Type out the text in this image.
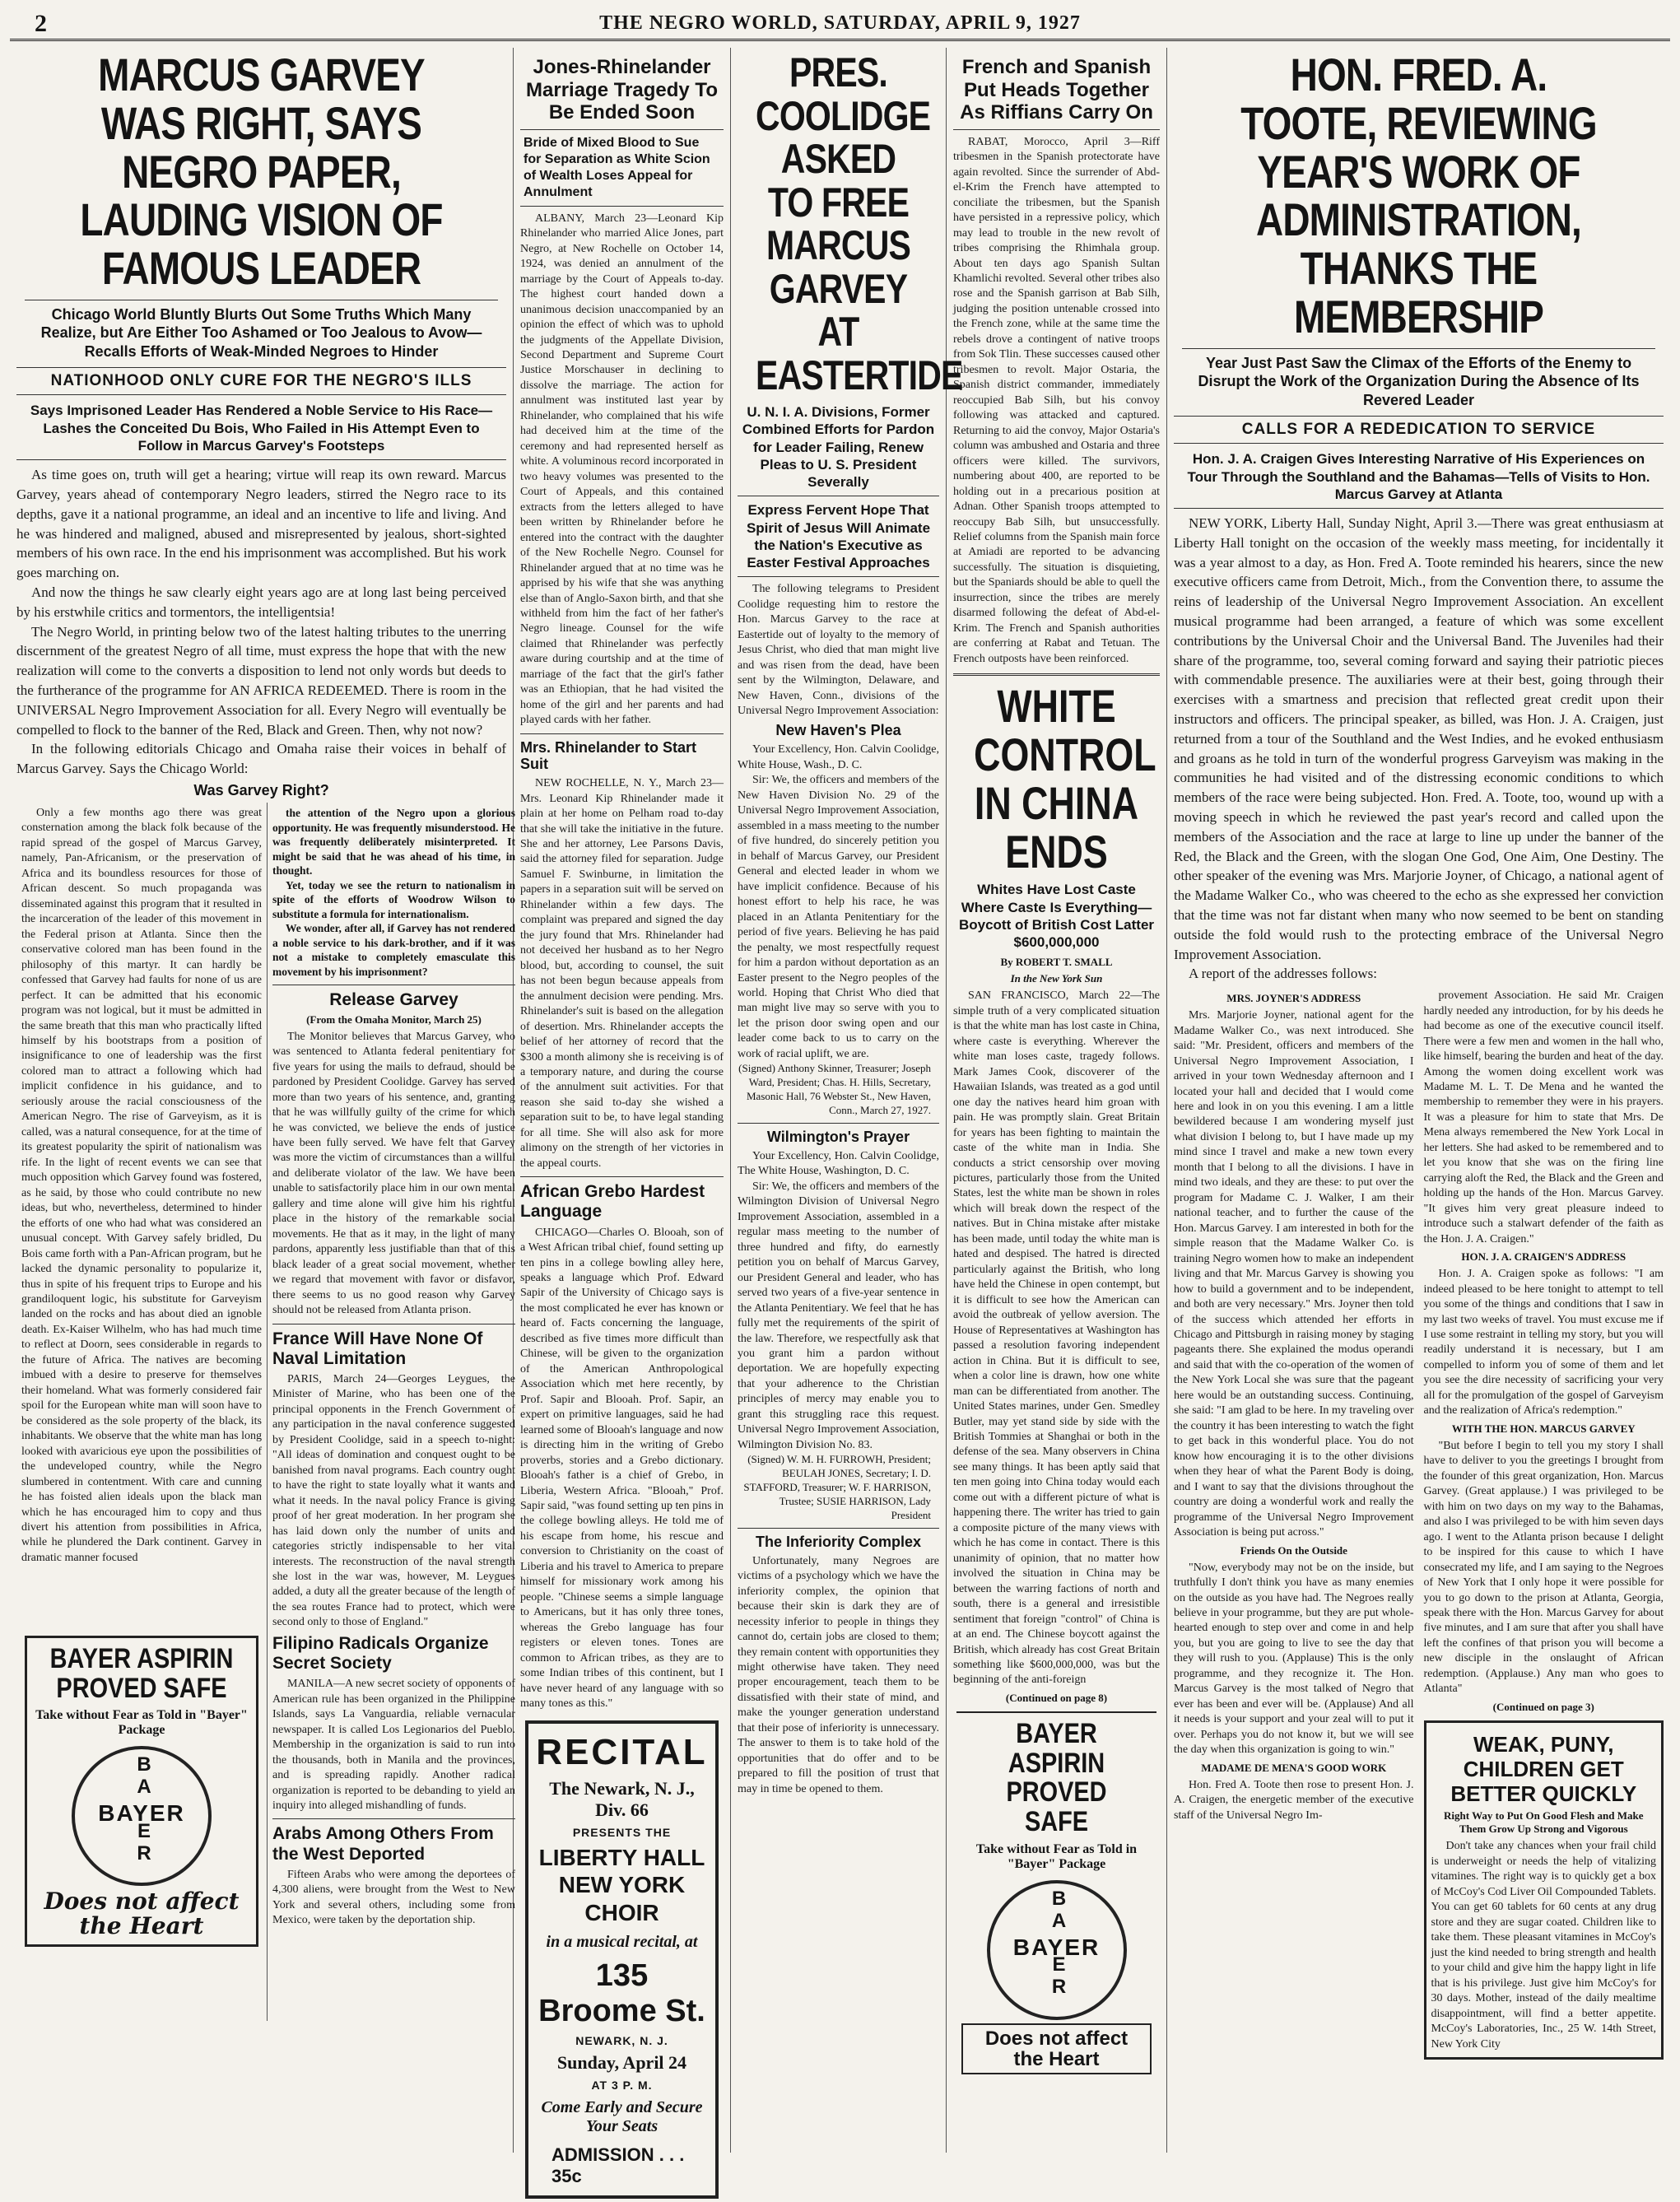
2	THE NEGRO WORLD, SATURDAY, APRIL 9, 1927
MARCUS GARVEY WAS RIGHT, SAYS NEGRO PAPER, LAUDING VISION OF FAMOUS LEADER
Chicago World Bluntly Blurts Out Some Truths Which Many Realize, but Are Either Too Ashamed or Too Jealous to Avow—Recalls Efforts of Weak-Minded Negroes to Hinder
NATIONHOOD ONLY CURE FOR THE NEGRO'S ILLS
Says Imprisoned Leader Has Rendered a Noble Service to His Race—Lashes the Conceited Du Bois, Who Failed in His Attempt Even to Follow in Marcus Garvey's Footsteps

As time goes on, truth will get a hearing; virtue will reap its own reward. Marcus Garvey, years ahead of contemporary Negro leaders, stirred the Negro race to its depths, gave it a national programme, an ideal and an incentive to life and living. And he was hindered and maligned, abused and misrepresented by jealous, short-sighted members of his own race. In the end his imprisonment was accomplished. But his work goes marching on.

And now the things he saw clearly eight years ago are at long last being perceived by his erstwhile critics and tormentors, the intelligentsia!

The Negro World, in printing below two of the latest halting tributes to the unerring discernment of the greatest Negro of all time, must express the hope that with the new realization will come to the converts a disposition to lend not only words but deeds to the furtherance of the programme for AN AFRICA REDEEMED. There is room in the UNIVERSAL Negro Improvement Association for all. Every Negro will eventually be compelled to flock to the banner of the Red, Black and Green. Then, why not now?

In the following editorials Chicago and Omaha raise their voices in behalf of Marcus Garvey. Says the Chicago World:

Was Garvey Right?

Only a few months ago there was great consternation among the black folk because of the rapid spread of the gospel of Marcus Garvey, namely, Pan-Africanism, or the preservation of Africa and its boundless resources for those of African descent. So much propaganda was disseminated against this program that it resulted in the incarceration of the leader of this movement in the Federal prison at Atlanta. Since then the conservative colored man has been found in the philosophy of this martyr. It can hardly be confessed that Garvey had faults for none of us are perfect. It can be admitted that his economic program was not logical, but it must be admitted in the same breath that this man who practically lifted himself by his bootstraps from a position of insignificance to one of leadership was the first colored man to attract a following which had implicit confidence in his guidance, and to seriously arouse the racial consciousness of the American Negro. The rise of Garveyism, as it is called, was a natural consequence, for at the time of its greatest popularity the spirit of nationalism was rife. In the light of recent events we can see that much opposition which Garvey found was fostered, as he said, by those who could contribute no new ideas, but who, nevertheless, determined to hinder the efforts of one who had what was considered an unusual concept. With Garvey safely bridled, Du Bois came forth with a Pan-African program, but he lacked the dynamic personality to popularize it, thus in spite of his frequent trips to Europe and his grandiloquent logic, his substitute for Garveyism landed on the rocks and has about died an ignoble death. Ex-Kaiser Wilhelm, who has had much time to reflect at Doorn, sees considerable in regards to the future of Africa. The natives are becoming imbued with a desire to preserve for themselves their homeland. What was formerly considered fair spoil for the European white man will soon have to be considered as the sole property of the black, its inhabitants. We observe that the white man has long looked with avaricious eye upon the possibilities of the undeveloped country, while the Negro slumbered in contentment. With care and cunning he has foisted alien ideals upon the black man which he has encouraged him to copy and thus divert his attention from possibilities in Africa, while he plundered the Dark continent. Garvey in dramatic manner focused

the attention of the Negro upon a glorious opportunity. He was frequently misunderstood. He was frequently deliberately misinterpreted. It might be said that he was ahead of his time, in thought.

Yet, today we see the return to nationalism in spite of the efforts of Woodrow Wilson to substitute a formula for internationalism.

We wonder, after all, if Garvey has not rendered a noble service to his dark-brother, and if it was not a mistake to completely emasculate this movement by his imprisonment?

Release Garvey
(From the Omaha Monitor, March 25)

The Monitor believes that Marcus Garvey, who was sentenced to Atlanta federal penitentiary for five years for using the mails to defraud, should be pardoned by President Coolidge. Garvey has served more than two years of his sentence, and, granting that he was willfully guilty of the crime for which he was convicted, we believe the ends of justice have been fully served. We have felt that Garvey was more the victim of circumstances than a willful and deliberate violator of the law. We have been unable to satisfactorily place him in our own mental gallery and time alone will give him his rightful place in the history of the remarkable social movements. He that as it may, in the light of many pardons, apparently less justifiable than that of this black leader of a great social movement, whether we regard that movement with favor or disfavor, there seems to us no good reason why Garvey should not be released from Atlanta prison.

France Will Have None Of Naval Limitation

PARIS, March 24—Georges Leygues, the Minister of Marine, who has been one of the principal opponents in the French Government of any participation in the naval conference suggested by President Coolidge, said in a speech to-night: "All ideas of domination and conquest ought to be banished from naval programs. Each country ought to have the right to state loyally what it wants and what it needs. In the naval policy France is giving proof of her great moderation. In her program she has laid down only the number of units and categories strictly indispensable to her vital interests. The reconstruction of the naval strength she lost in the war was, however, M. Leygues added, a duty all the greater because of the length of the sea routes France had to protect, which were second only to those of England."

BAYER ASPIRIN PROVED SAFE
Take without Fear as Told in "Bayer" Package
BAYER
B
A

E
R

Does not affect the Heart
Filipino Radicals Organize Secret Society

MANILA—A new secret society of opponents of American rule has been organized in the Philippine Islands, says La Vanguardia, reliable vernacular newspaper. It is called Los Legionarios del Pueblo. Membership in the organization is said to run into the thousands, both in Manila and the provinces, and is spreading rapidly. Another radical organization is reported to be debanding to yield an inquiry into alleged mishandling of funds.

Arabs Among Others From the West Deported

Fifteen Arabs who were among the deportees of 4,300 aliens, were brought from the West to New York and several others, including some from Mexico, were taken by the deportation ship.

Jones-Rhinelander Marriage Tragedy To Be Ended Soon
Bride of Mixed Blood to Sue for Separation as White Scion of Wealth Loses Appeal for Annulment

ALBANY, March 23—Leonard Kip Rhinelander who married Alice Jones, part Negro, at New Rochelle on October 14, 1924, was denied an annulment of the marriage by the Court of Appeals to-day. The highest court handed down a unanimous decision unaccompanied by an opinion the effect of which was to uphold the judgments of the Appellate Division, Second Department and Supreme Court Justice Morschauser in declining to dissolve the marriage. The action for annulment was instituted last year by Rhinelander, who complained that his wife had deceived him at the time of the ceremony and had represented herself as white. A voluminous record incorporated in two heavy volumes was presented to the Court of Appeals, and this contained extracts from the letters alleged to have been written by Rhinelander before he entered into the contract with the daughter of the New Rochelle Negro. Counsel for Rhinelander argued that at no time was he apprised by his wife that she was anything else than of Anglo-Saxon birth, and that she withheld from him the fact of her father's Negro lineage. Counsel for the wife claimed that Rhinelander was perfectly aware during courtship and at the time of marriage of the fact that the girl's father was an Ethiopian, that he had visited the home of the girl and her parents and had played cards with her father.

Mrs. Rhinelander to Start Suit

NEW ROCHELLE, N. Y., March 23—Mrs. Leonard Kip Rhinelander made it plain at her home on Pelham road to-day that she will take the initiative in the future. She and her attorney, Lee Parsons Davis, said the attorney filed for separation. Judge Samuel F. Swinburne, in limitation the papers in a separation suit will be served on Rhinelander within a few days. The complaint was prepared and signed the day the jury found that Mrs. Rhinelander had not deceived her husband as to her Negro blood, but, according to counsel, the suit has not been begun because appeals from the annulment decision were pending. Mrs. Rhinelander's suit is based on the allegation of desertion. Mrs. Rhinelander accepts the belief of her attorney of record that the $300 a month alimony she is receiving is of a temporary nature, and during the course of the annulment suit activities. For that reason she said to-day she wished a separation suit to be, to have legal standing for all time. She will also ask for more alimony on the strength of her victories in the appeal courts.

African Grebo Hardest Language

CHICAGO—Charles O. Blooah, son of a West African tribal chief, found setting up ten pins in a college bowling alley here, speaks a language which Prof. Edward Sapir of the University of Chicago says is the most complicated he ever has known or heard of. Facts concerning the language, described as five times more difficult than Chinese, will be given to the organization of the American Anthropological Association which met here recently, by Prof. Sapir and Blooah. Prof. Sapir, an expert on primitive languages, said he had learned some of Blooah's language and now is directing him in the writing of Grebo proverbs, stories and a Grebo dictionary. Blooah's father is a chief of Grebo, in Liberia, Western Africa. "Blooah," Prof. Sapir said, "was found setting up ten pins in the college bowling alleys. He told me of his escape from home, his rescue and conversion to Christianity on the coast of Liberia and his travel to America to prepare himself for missionary work among his people. "Chinese seems a simple language to Americans, but it has only three tones, whereas the Grebo language has four registers or eleven tones. Tones are common to African tribes, as they are to some Indian tribes of this continent, but I have never heard of any language with so many tones as this."

RECITAL
The Newark, N. J., Div. 66
PRESENTS THE
LIBERTY HALL NEW YORK CHOIR
in a musical recital, at
135 Broome St.
NEWARK, N. J.
Sunday, April 24
AT 3 P. M.
Come Early and Secure Your Seats
ADMISSION . . . 35c
PRES. COOLIDGE ASKED TO FREE MARCUS GARVEY AT EASTERTIDE
U. N. I. A. Divisions, Former Combined Efforts for Pardon for Leader Failing, Renew Pleas to U. S. President Severally
Express Fervent Hope That Spirit of Jesus Will Animate the Nation's Executive as Easter Festival Approaches

The following telegrams to President Coolidge requesting him to restore the Hon. Marcus Garvey to the race at Eastertide out of loyalty to the memory of Jesus Christ, who died that man might live and was risen from the dead, have been sent by the Wilmington, Delaware, and New Haven, Conn., divisions of the Universal Negro Improvement Association:

New Haven's Plea

Your Excellency, Hon. Calvin Coolidge, White House, Wash., D. C.

Sir: We, the officers and members of the New Haven Division No. 29 of the Universal Negro Improvement Association, assembled in a mass meeting to the number of five hundred, do sincerely petition you in behalf of Marcus Garvey, our President General and elected leader in whom we have implicit confidence. Because of his honest effort to help his race, he was placed in an Atlanta Penitentiary for the period of five years. Believing he has paid the penalty, we most respectfully request for him a pardon without deportation as an Easter present to the Negro peoples of the world. Hoping that Christ Who died that man might live may so serve with you to let the prison door swing open and our leader come back to us to carry on the work of racial uplift, we are.

(Signed) Anthony Skinner, Treasurer; Joseph Ward, President; Chas. H. Hills, Secretary, Masonic Hall, 76 Webster St., New Haven, Conn., March 27, 1927.

Wilmington's Prayer

Your Excellency, Hon. Calvin Coolidge, The White House, Washington, D. C.

Sir: We, the officers and members of the Wilmington Division of Universal Negro Improvement Association, assembled in a regular mass meeting to the number of three hundred and fifty, do earnestly petition you on behalf of Marcus Garvey, our President General and leader, who has served two years of a five-year sentence in the Atlanta Penitentiary. We feel that he has fully met the requirements of the spirit of the law. Therefore, we respectfully ask that you grant him a pardon without deportation. We are hopefully expecting that your adherence to the Christian principles of mercy may enable you to grant this struggling race this request. Universal Negro Improvement Association, Wilmington Division No. 83.

(Signed) W. M. H. FURROWH, President; BEULAH JONES, Secretary; I. D. STAFFORD, Treasurer; W. F. HARRISON, Trustee; SUSIE HARRISON, Lady President

The Inferiority Complex

Unfortunately, many Negroes are victims of a psychology which we have the inferiority complex, the opinion that because their skin is dark they are of necessity inferior to people in things they cannot do, certain jobs are closed to them; they remain content with opportunities they might otherwise have taken. They need proper encouragement, teach them to be dissatisfied with their state of mind, and make the younger generation understand that their pose of inferiority is unnecessary. The answer to them is to take hold of the opportunities that do offer and to be prepared to fill the position of trust that may in time be opened to them.

French and Spanish Put Heads Together As Riffians Carry On

RABAT, Morocco, April 3—Riff tribesmen in the Spanish protectorate have again revolted. Since the surrender of Abd-el-Krim the French have attempted to conciliate the tribesmen, but the Spanish have persisted in a repressive policy, which may lead to trouble in the new revolt of tribes comprising the Rhimhala group. About ten days ago Spanish Sultan Khamlichi revolted. Several other tribes also rose and the Spanish garrison at Bab Silh, judging the position untenable crossed into the French zone, while at the same time the rebels drove a contingent of native troops from Sok Tlin. These successes caused other tribesmen to revolt. Major Ostaria, the Spanish district commander, immediately reoccupied Bab Silh, but his convoy following was attacked and captured. Returning to aid the convoy, Major Ostaria's column was ambushed and Ostaria and three officers were killed. The survivors, numbering about 400, are reported to be holding out in a precarious position at Adnan. Other Spanish troops attempted to reoccupy Bab Silh, but unsuccessfully. Relief columns from the Spanish main force at Amiadi are reported to be advancing successfully. The situation is disquieting, but the Spaniards should be able to quell the insurrection, since the tribes are merely disarmed following the defeat of Abd-el-Krim. The French and Spanish authorities are conferring at Rabat and Tetuan. The French outposts have been reinforced.

WHITE CONTROL IN CHINA ENDS
Whites Have Lost Caste Where Caste Is Everything—Boycott of British Cost Latter $600,000,000
By ROBERT T. SMALL
In the New York Sun

SAN FRANCISCO, March 22—The simple truth of a very complicated situation is that the white man has lost caste in China, where caste is everything. Wherever the white man loses caste, tragedy follows. Mark James Cook, discoverer of the Hawaiian Islands, was treated as a god until one day the natives heard him groan with pain. He was promptly slain. Great Britain for years has been fighting to maintain the caste of the white man in India. She conducts a strict censorship over moving pictures, particularly those from the United States, lest the white man be shown in roles which will break down the respect of the natives. But in China mistake after mistake has been made, until today the white man is hated and despised. The hatred is directed particularly against the British, who long have held the Chinese in open contempt, but it is difficult to see how the American can avoid the outbreak of yellow aversion. The House of Representatives at Washington has passed a resolution favoring independent action in China. But it is difficult to see, when a color line is drawn, how one white man can be differentiated from another. The United States marines, under Gen. Smedley Butler, may yet stand side by side with the British Tommies at Shanghai or both in the defense of the sea. Many observers in China see many things. It has been aptly said that ten men going into China today would each come out with a different picture of what is happening there. The writer has tried to gain a composite picture of the many views with which he has come in contact. There is this unanimity of opinion, that no matter how involved the situation in China may be between the warring factions of north and south, there is a general and irresistible sentiment that foreign "control" of China is at an end. The Chinese boycott against the British, which already has cost Great Britain something like $600,000,000, was but the beginning of the anti-foreign

(Continued on page 8)
BAYER ASPIRIN PROVED SAFE
Take without Fear as Told in "Bayer" Package
BAYER
B
A

E
R

Does not affect the Heart
HON. FRED. A. TOOTE, REVIEWING YEAR'S WORK OF ADMINISTRATION, THANKS THE MEMBERSHIP
Year Just Past Saw the Climax of the Efforts of the Enemy to Disrupt the Work of the Organization During the Absence of Its Revered Leader
CALLS FOR A REDEDICATION TO SERVICE
Hon. J. A. Craigen Gives Interesting Narrative of His Experiences on Tour Through the Southland and the Bahamas—Tells of Visits to Hon. Marcus Garvey at Atlanta

NEW YORK, Liberty Hall, Sunday Night, April 3.—There was great enthusiasm at Liberty Hall tonight on the occasion of the weekly mass meeting, for incidentally it was a year almost to a day, as Hon. Fred A. Toote reminded his hearers, since the new executive officers came from Detroit, Mich., from the Convention there, to assume the reins of leadership of the Universal Negro Improvement Association. An excellent musical programme had been arranged, a feature of which was some excellent contributions by the Universal Choir and the Universal Band. The Juveniles had their share of the programme, too, several coming forward and saying their patriotic pieces with commendable presence. The auxiliaries were at their best, going through their exercises with a smartness and precision that reflected great credit upon their instructors and officers. The principal speaker, as billed, was Hon. J. A. Craigen, just returned from a tour of the Southland and the West Indies, and he evoked enthusiasm and groans as he told in turn of the wonderful progress Garveyism was making in the communities he had visited and of the distressing economic conditions to which members of the race were being subjected. Hon. Fred. A. Toote, too, wound up with a moving speech in which he reviewed the past year's record and called upon the members of the Association and the race at large to line up under the banner of the Red, the Black and the Green, with the slogan One God, One Aim, One Destiny. The other speaker of the evening was Mrs. Marjorie Joyner, of Chicago, a national agent of the Madame Walker Co., who was cheered to the echo as she expressed her conviction that the time was not far distant when many who now seemed to be bent on standing outside the fold would rush to the protecting embrace of the Universal Negro Improvement Association.

A report of the addresses follows:

MRS. JOYNER'S ADDRESS

Mrs. Marjorie Joyner, national agent for the Madame Walker Co., was next introduced. She said: "Mr. President, officers and members of the Universal Negro Improvement Association, I arrived in your town Wednesday afternoon and I located your hall and decided that I would come here and look in on you this evening. I am a little bewildered because I am wondering myself just what division I belong to, but I have made up my mind since I travel and make a new town every month that I belong to all the divisions. I have in mind two ideals, and they are these: to put over the program for Madame C. J. Walker, I am their national teacher, and to further the cause of the Hon. Marcus Garvey. I am interested in both for the simple reason that the Madame Walker Co. is training Negro women how to make an independent living and that Mr. Marcus Garvey is showing you how to build a government and to be independent, and both are very necessary." Mrs. Joyner then told of the success which attended her efforts in Chicago and Pittsburgh in raising money by staging pageants there. She explained the modus operandi and said that with the co-operation of the women of the New York Local she was sure that the pageant here would be an outstanding success. Continuing, she said: "I am glad to be here. In my traveling over the country it has been interesting to watch the fight to get back in this wonderful place. You do not know how encouraging it is to the other divisions when they hear of what the Parent Body is doing, and I want to say that the divisions throughout the country are doing a wonderful work and really the programme of the Universal Negro Improvement Association is being put across."

Friends On the Outside

"Now, everybody may not be on the inside, but truthfully I don't think you have as many enemies on the outside as you have had. The Negroes really believe in your programme, but they are put whole-hearted enough to step over and come in and help you, but you are going to live to see the day that they will rush to you. (Applause) This is the only programme, and they recognize it. The Hon. Marcus Garvey is the most talked of Negro that ever has been and ever will be. (Applause) And all it needs is your support and your zeal will to put it over. Perhaps you do not know it, but we will see the day when this organization is going to win."

MADAME DE MENA'S GOOD WORK

Hon. Fred A. Toote then rose to present Hon. J. A. Craigen, the energetic member of the executive staff of the Universal Negro Im-

provement Association. He said Mr. Craigen hardly needed any introduction, for by his deeds he had become as one of the executive council itself. There were a few men and women in the hall who, like himself, bearing the burden and heat of the day. Among the women doing excellent work was Madame M. L. T. De Mena and he wanted the membership to remember they were in his prayers. It was a pleasure for him to state that Mrs. De Mena always remembered the New York Local in her letters. She had asked to be remembered and to let you know that she was on the firing line carrying aloft the Red, the Black and the Green and holding up the hands of the Hon. Marcus Garvey. "It gives him very great pleasure indeed to introduce such a stalwart defender of the faith as the Hon. J. A. Craigen."

HON. J. A. CRAIGEN'S ADDRESS

Hon. J. A. Craigen spoke as follows: "I am indeed pleased to be here tonight to attempt to tell you some of the things and conditions that I saw in my last two weeks of travel. You must excuse me if I use some restraint in telling my story, but you will readily understand it is necessary, but I am compelled to inform you of some of them and let you see the dire necessity of sacrificing your very all for the promulgation of the gospel of Garveyism and the realization of Africa's redemption."

WITH THE HON. MARCUS GARVEY

"But before I begin to tell you my story I shall have to deliver to you the greetings I brought from the founder of this great organization, Hon. Marcus Garvey. (Great applause.) I was privileged to be with him on two days on my way to the Bahamas, and also I was privileged to be with him seven days ago. I went to the Atlanta prison because I delight to be inspired for this cause to which I have consecrated my life, and I am saying to the Negroes of New York that I only hope it were possible for you to go down to the prison at Atlanta, Georgia, speak there with the Hon. Marcus Garvey for about five minutes, and I am sure that after you shall have left the confines of that prison you will become a new disciple in the onslaught of African redemption. (Applause.) Any man who goes to Atlanta"

(Continued on page 3)
WEAK, PUNY, CHILDREN GET BETTER QUICKLY
Right Way to Put On Good Flesh and Make Them Grow Up Strong and Vigorous

Don't take any chances when your frail child is underweight or needs the help of vitalizing vitamines. The right way is to quickly get a box of McCoy's Cod Liver Oil Compounded Tablets. You can get 60 tablets for 60 cents at any drug store and they are sugar coated. Children like to take them. These pleasant vitamines in McCoy's just the kind needed to bring strength and health to your child and give him the happy light in life that is his privilege. Just give him McCoy's for 30 days. Mother, instead of the daily mealtime disappointment, will find a better appetite. McCoy's Laboratories, Inc., 25 W. 14th Street, New York City
